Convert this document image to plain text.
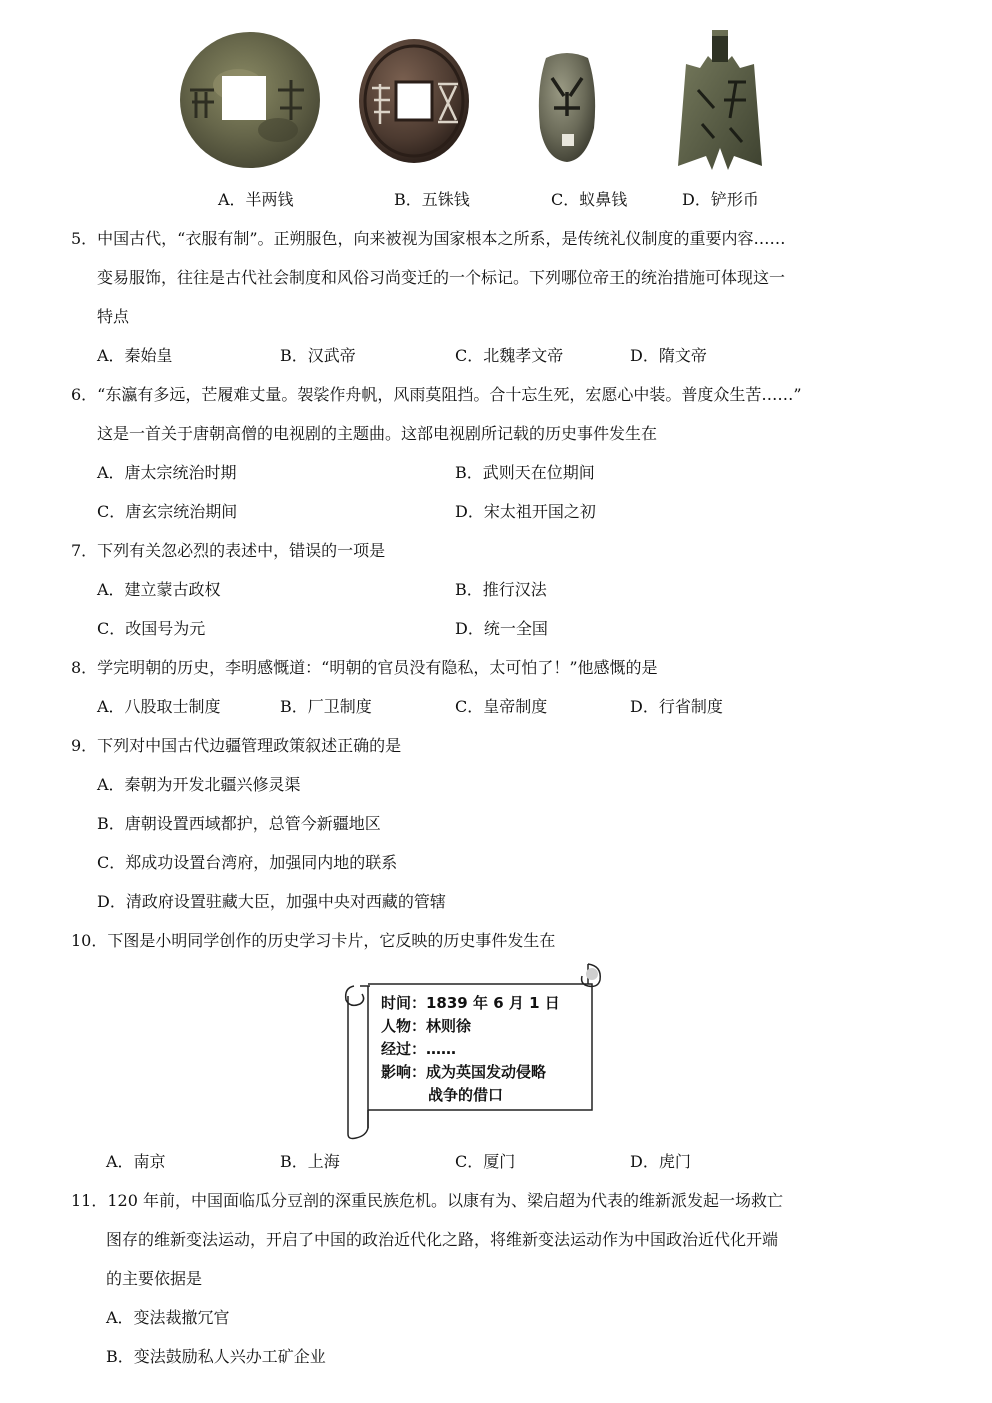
A．半两钱	B．五铢钱	C．蚁鼻钱	D．铲形币
5．中国古代，“衣服有制”。正朔服色，向来被视为国家根本之所系，是传统礼仪制度的重要内容……
变易服饰，往往是古代社会制度和风俗习尚变迁的一个标记。下列哪位帝王的统治措施可体现这一
特点
A．秦始皇	B．汉武帝	C．北魏孝文帝	D．隋文帝
6．“东瀛有多远，芒履难丈量。袈裟作舟帆，风雨莫阻挡。合十忘生死，宏愿心中装。普度众生苦……”
这是一首关于唐朝高僧的电视剧的主题曲。这部电视剧所记载的历史事件发生在
A．唐太宗统治时期	B．武则天在位期间
C．唐玄宗统治期间	D．宋太祖开国之初
7．下列有关忽必烈的表述中，错误的一项是
A．建立蒙古政权	B．推行汉法
C．改国号为元	D．统一全国
8．学完明朝的历史，李明感慨道：“明朝的官员没有隐私，太可怕了！”他感慨的是
A．八股取士制度	B．厂卫制度	C．皇帝制度	D．行省制度
9．下列对中国古代边疆管理政策叙述正确的是
A．秦朝为开发北疆兴修灵渠
B．唐朝设置西域都护，总管今新疆地区
C．郑成功设置台湾府，加强同内地的联系
D．清政府设置驻藏大臣，加强中央对西藏的管辖
10．下图是小明同学创作的历史学习卡片，它反映的历史事件发生在
时间：1839 年 6 月 1 日
人物：林则徐
经过：……
影响：成为英国发动侵略
战争的借口
A．南京	B．上海	C．厦门	D．虎门
11．120 年前，中国面临瓜分豆剖的深重民族危机。以康有为、梁启超为代表的维新派发起一场救亡
图存的维新变法运动，开启了中国的政治近代化之路，将维新变法运动作为中国政治近代化开端
的主要依据是
A．变法裁撤冗官
B．变法鼓励私人兴办工矿企业
